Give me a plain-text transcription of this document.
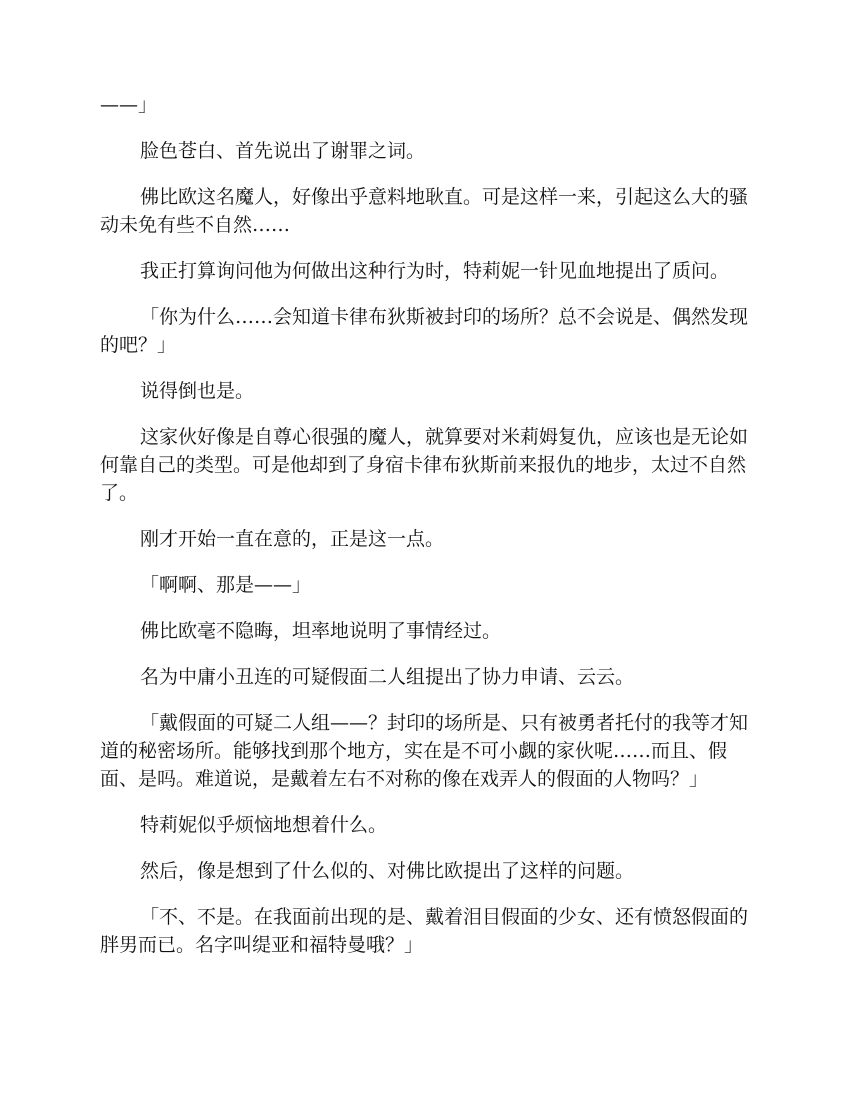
——」

脸色苍白、首先说出了谢罪之词。

佛比欧这名魔人，好像出乎意料地耿直。可是这样一来，引起这么大的骚动未免有些不自然……

我正打算询问他为何做出这种行为时，特莉妮一针见血地提出了质问。

「你为什么……会知道卡律布狄斯被封印的场所？总不会说是、偶然发现的吧？」

说得倒也是。

这家伙好像是自尊心很强的魔人，就算要对米莉姆复仇，应该也是无论如何靠自己的类型。可是他却到了身宿卡律布狄斯前来报仇的地步，太过不自然了。

刚才开始一直在意的，正是这一点。

「啊啊、那是——」

佛比欧毫不隐晦，坦率地说明了事情经过。

名为中庸小丑连的可疑假面二人组提出了协力申请、云云。

「戴假面的可疑二人组——？封印的场所是、只有被勇者托付的我等才知道的秘密场所。能够找到那个地方，实在是不可小觑的家伙呢……而且、假面、是吗。难道说，是戴着左右不对称的像在戏弄人的假面的人物吗？」

特莉妮似乎烦恼地想着什么。

然后，像是想到了什么似的、对佛比欧提出了这样的问题。

「不、不是。在我面前出现的是、戴着泪目假面的少女、还有愤怒假面的胖男而已。名字叫缇亚和福特曼哦？」
